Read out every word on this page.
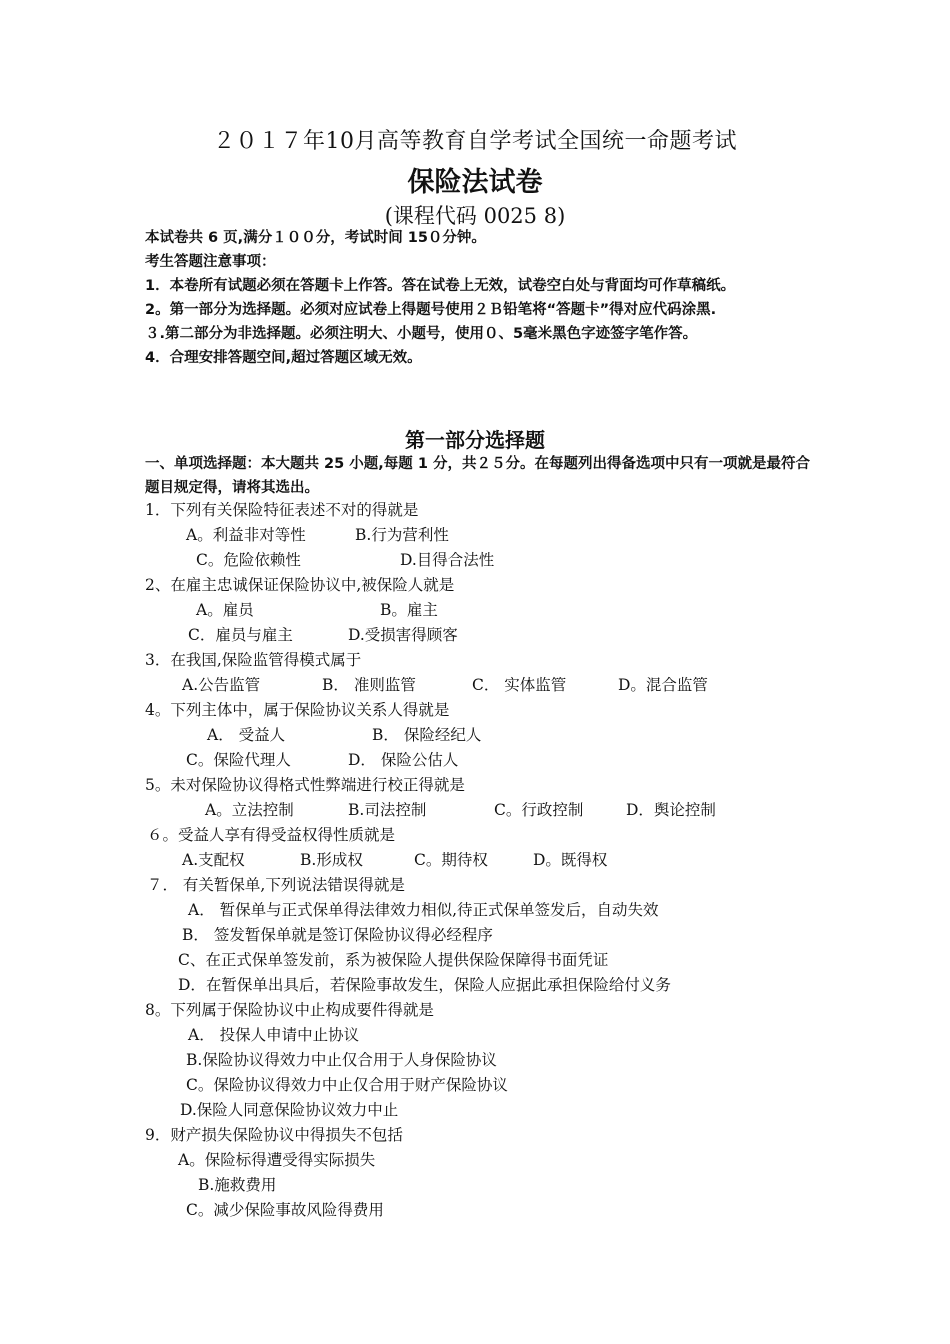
２０１７年10月高等教育自学考试全国统一命题考试
保险法试卷
(课程代码 0025 8)
本试卷共 6 页,满分１００分，考试时间 15０分钟。
考生答题注意事项：
1．本卷所有试题必须在答题卡上作答。答在试卷上无效，试卷空白处与背面均可作草稿纸。
2。第一部分为选择题。必须对应试卷上得题号使用２Ｂ铅笔将“答题卡”得对应代码涂黑.
３.第二部分为非选择题。必须注明大、小题号，使用０、5毫米黑色字迹签字笔作答。
4．合理安排答题空间,超过答题区域无效。
第一部分选择题
一、单项选择题：本大题共 25 小题,每题 1 分，共２５分。在每题列出得备选项中只有一项就是最符合题目规定得，请将其选出。
1．下列有关保险特征表述不对的得就是
A。利益非对等性	B.行为营利性
C。危险依赖性	D.目得合法性
2、在雇主忠诚保证保险协议中,被保险人就是
A。雇员	B。雇主
C．雇员与雇主	D.受损害得顾客
3．在我国,保险监管得模式属于
A.公告监管	B． 准则监管	C． 实体监管	D。混合监管
4。下列主体中，属于保险协议关系人得就是
A． 受益人	B． 保险经纪人
C。保险代理人	D． 保险公估人
5。未对保险协议得格式性弊端进行校正得就是
A。立法控制	B.司法控制	C。行政控制	D．舆论控制
６。受益人享有得受益权得性质就是
A.支配权	B.形成权	C。期待权	D。既得权
７． 有关暂保单,下列说法错误得就是
A． 暂保单与正式保单得法律效力相似,待正式保单签发后，自动失效
B． 签发暂保单就是签订保险协议得必经程序
C、在正式保单签发前，系为被保险人提供保险保障得书面凭证
D．在暂保单出具后，若保险事故发生，保险人应据此承担保险给付义务
8。下列属于保险协议中止构成要件得就是
A． 投保人申请中止协议
B.保险协议得效力中止仅合用于人身保险协议
C。保险协议得效力中止仅合用于财产保险协议
D.保险人同意保险协议效力中止
9．财产损失保险协议中得损失不包括
A。保险标得遭受得实际损失
B.施救费用
C。减少保险事故风险得费用
